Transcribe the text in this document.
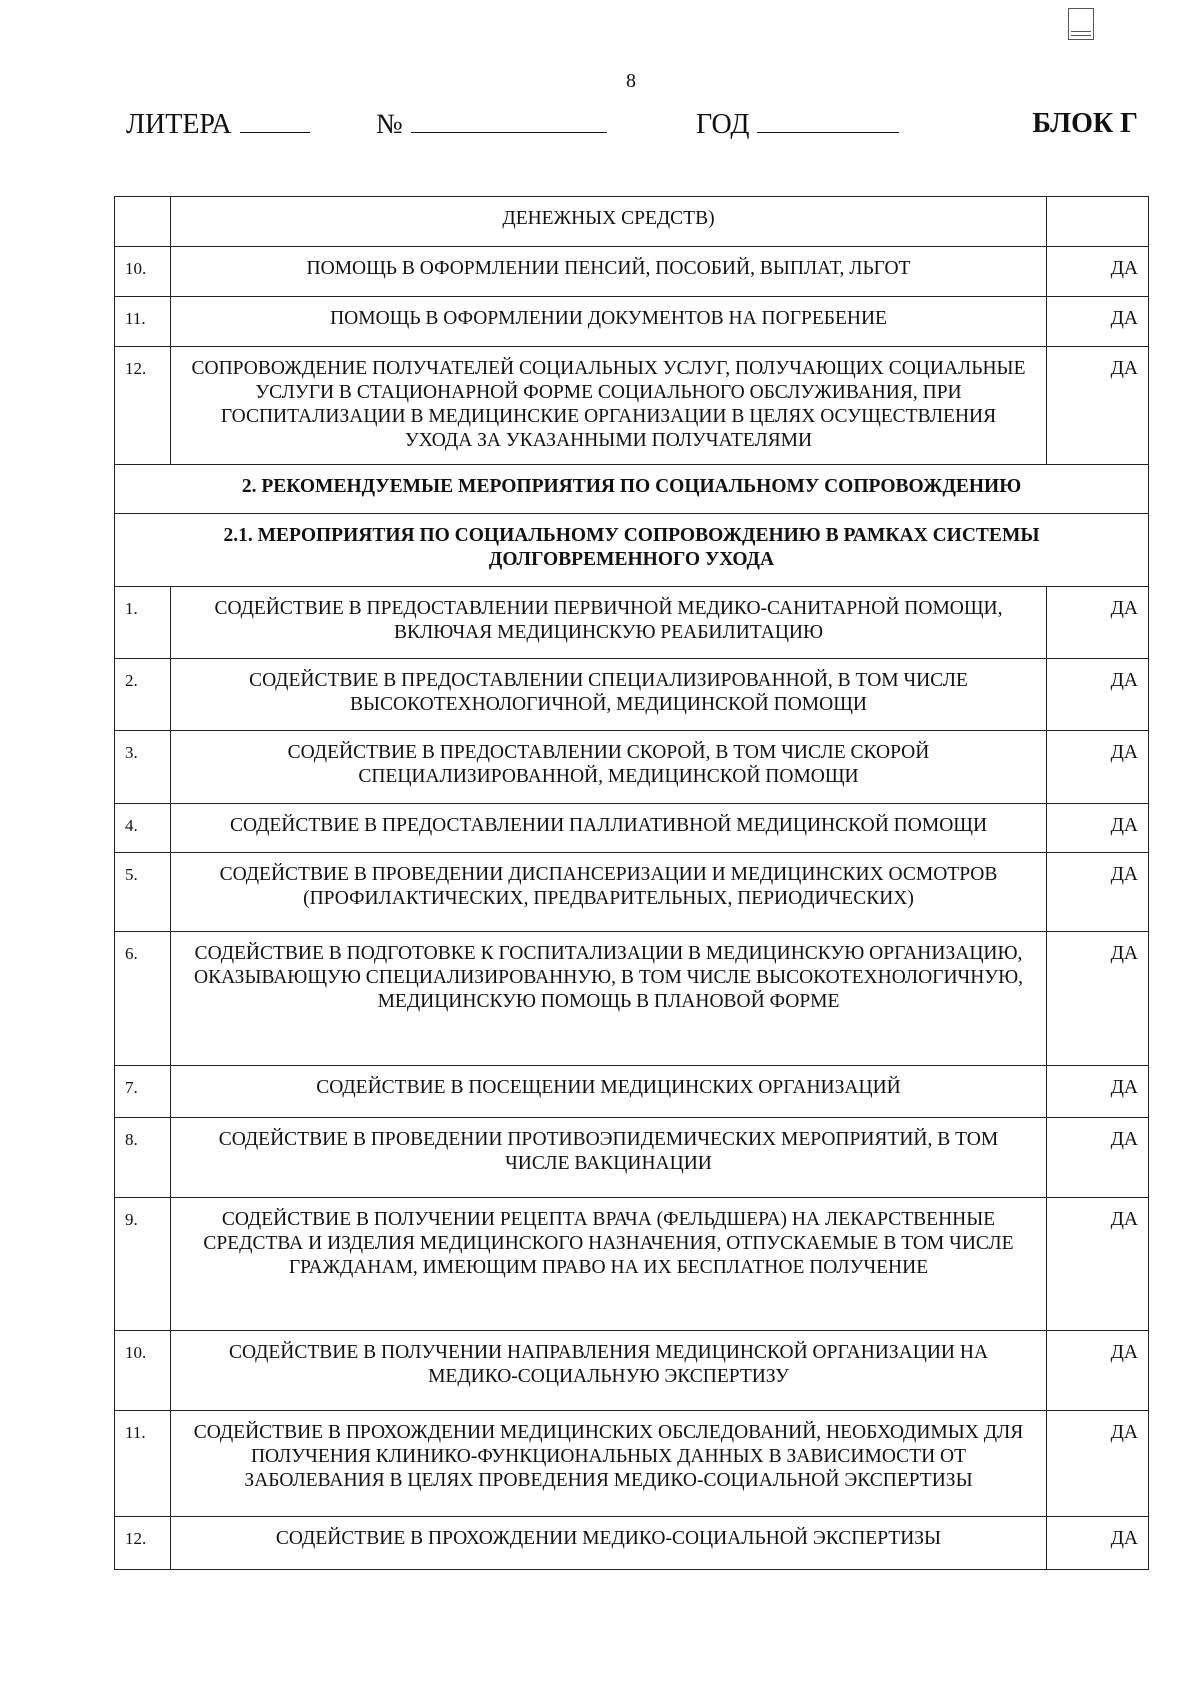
8
ЛИТЕРА	№	ГОД	БЛОК Г
	ДЕНЕЖНЫХ СРЕДСТВ)	
10.	ПОМОЩЬ В ОФОРМЛЕНИИ ПЕНСИЙ, ПОСОБИЙ, ВЫПЛАТ, ЛЬГОТ	ДА
11.	ПОМОЩЬ В ОФОРМЛЕНИИ ДОКУМЕНТОВ НА ПОГРЕБЕНИЕ	ДА
12.	СОПРОВОЖДЕНИЕ ПОЛУЧАТЕЛЕЙ СОЦИАЛЬНЫХ УСЛУГ, ПОЛУЧАЮЩИХ СОЦИАЛЬНЫЕ УСЛУГИ В СТАЦИОНАРНОЙ ФОРМЕ СОЦИАЛЬНОГО ОБСЛУЖИВАНИЯ, ПРИ ГОСПИТАЛИЗАЦИИ В МЕДИЦИНСКИЕ ОРГАНИЗАЦИИ В ЦЕЛЯХ ОСУЩЕСТВЛЕНИЯ УХОДА ЗА УКАЗАННЫМИ ПОЛУЧАТЕЛЯМИ	ДА
2. РЕКОМЕНДУЕМЫЕ МЕРОПРИЯТИЯ ПО СОЦИАЛЬНОМУ СОПРОВОЖДЕНИЮ		
2.1. МЕРОПРИЯТИЯ ПО СОЦИАЛЬНОМУ СОПРОВОЖДЕНИЮ В РАМКАХ СИСТЕМЫ ДОЛГОВРЕМЕННОГО УХОДА		
1.	СОДЕЙСТВИЕ В ПРЕДОСТАВЛЕНИИ ПЕРВИЧНОЙ МЕДИКО-САНИТАРНОЙ ПОМОЩИ, ВКЛЮЧАЯ МЕДИЦИНСКУЮ РЕАБИЛИТАЦИЮ	ДА
2.	СОДЕЙСТВИЕ В ПРЕДОСТАВЛЕНИИ СПЕЦИАЛИЗИРОВАННОЙ, В ТОМ ЧИСЛЕ ВЫСОКОТЕХНОЛОГИЧНОЙ, МЕДИЦИНСКОЙ ПОМОЩИ	ДА
3.	СОДЕЙСТВИЕ В ПРЕДОСТАВЛЕНИИ СКОРОЙ, В ТОМ ЧИСЛЕ СКОРОЙ СПЕЦИАЛИЗИРОВАННОЙ, МЕДИЦИНСКОЙ ПОМОЩИ	ДА
4.	СОДЕЙСТВИЕ В ПРЕДОСТАВЛЕНИИ ПАЛЛИАТИВНОЙ МЕДИЦИНСКОЙ ПОМОЩИ	ДА
5.	СОДЕЙСТВИЕ В ПРОВЕДЕНИИ ДИСПАНСЕРИЗАЦИИ И МЕДИЦИНСКИХ ОСМОТРОВ (ПРОФИЛАКТИЧЕСКИХ, ПРЕДВАРИТЕЛЬНЫХ, ПЕРИОДИЧЕСКИХ)	ДА
6.	СОДЕЙСТВИЕ В ПОДГОТОВКЕ К ГОСПИТАЛИЗАЦИИ В МЕДИЦИНСКУЮ ОРГАНИЗАЦИЮ, ОКАЗЫВАЮЩУЮ СПЕЦИАЛИЗИРОВАННУЮ, В ТОМ ЧИСЛЕ ВЫСОКОТЕХНОЛОГИЧНУЮ, МЕДИЦИНСКУЮ ПОМОЩЬ В ПЛАНОВОЙ ФОРМЕ	ДА
7.	СОДЕЙСТВИЕ В ПОСЕЩЕНИИ МЕДИЦИНСКИХ ОРГАНИЗАЦИЙ	ДА
8.	СОДЕЙСТВИЕ В ПРОВЕДЕНИИ ПРОТИВОЭПИДЕМИЧЕСКИХ МЕРОПРИЯТИЙ, В ТОМ ЧИСЛЕ ВАКЦИНАЦИИ	ДА
9.	СОДЕЙСТВИЕ В ПОЛУЧЕНИИ РЕЦЕПТА ВРАЧА (ФЕЛЬДШЕРА) НА ЛЕКАРСТВЕННЫЕ СРЕДСТВА И ИЗДЕЛИЯ МЕДИЦИНСКОГО НАЗНАЧЕНИЯ, ОТПУСКАЕМЫЕ В ТОМ ЧИСЛЕ ГРАЖДАНАМ, ИМЕЮЩИМ ПРАВО НА ИХ БЕСПЛАТНОЕ ПОЛУЧЕНИЕ	ДА
10.	СОДЕЙСТВИЕ В ПОЛУЧЕНИИ НАПРАВЛЕНИЯ МЕДИЦИНСКОЙ ОРГАНИЗАЦИИ НА МЕДИКО-СОЦИАЛЬНУЮ ЭКСПЕРТИЗУ	ДА
11.	СОДЕЙСТВИЕ В ПРОХОЖДЕНИИ МЕДИЦИНСКИХ ОБСЛЕДОВАНИЙ, НЕОБХОДИМЫХ ДЛЯ ПОЛУЧЕНИЯ КЛИНИКО-ФУНКЦИОНАЛЬНЫХ ДАННЫХ В ЗАВИСИМОСТИ ОТ ЗАБОЛЕВАНИЯ В ЦЕЛЯХ ПРОВЕДЕНИЯ МЕДИКО-СОЦИАЛЬНОЙ ЭКСПЕРТИЗЫ	ДА
12.	СОДЕЙСТВИЕ В ПРОХОЖДЕНИИ МЕДИКО-СОЦИАЛЬНОЙ ЭКСПЕРТИЗЫ	ДА
